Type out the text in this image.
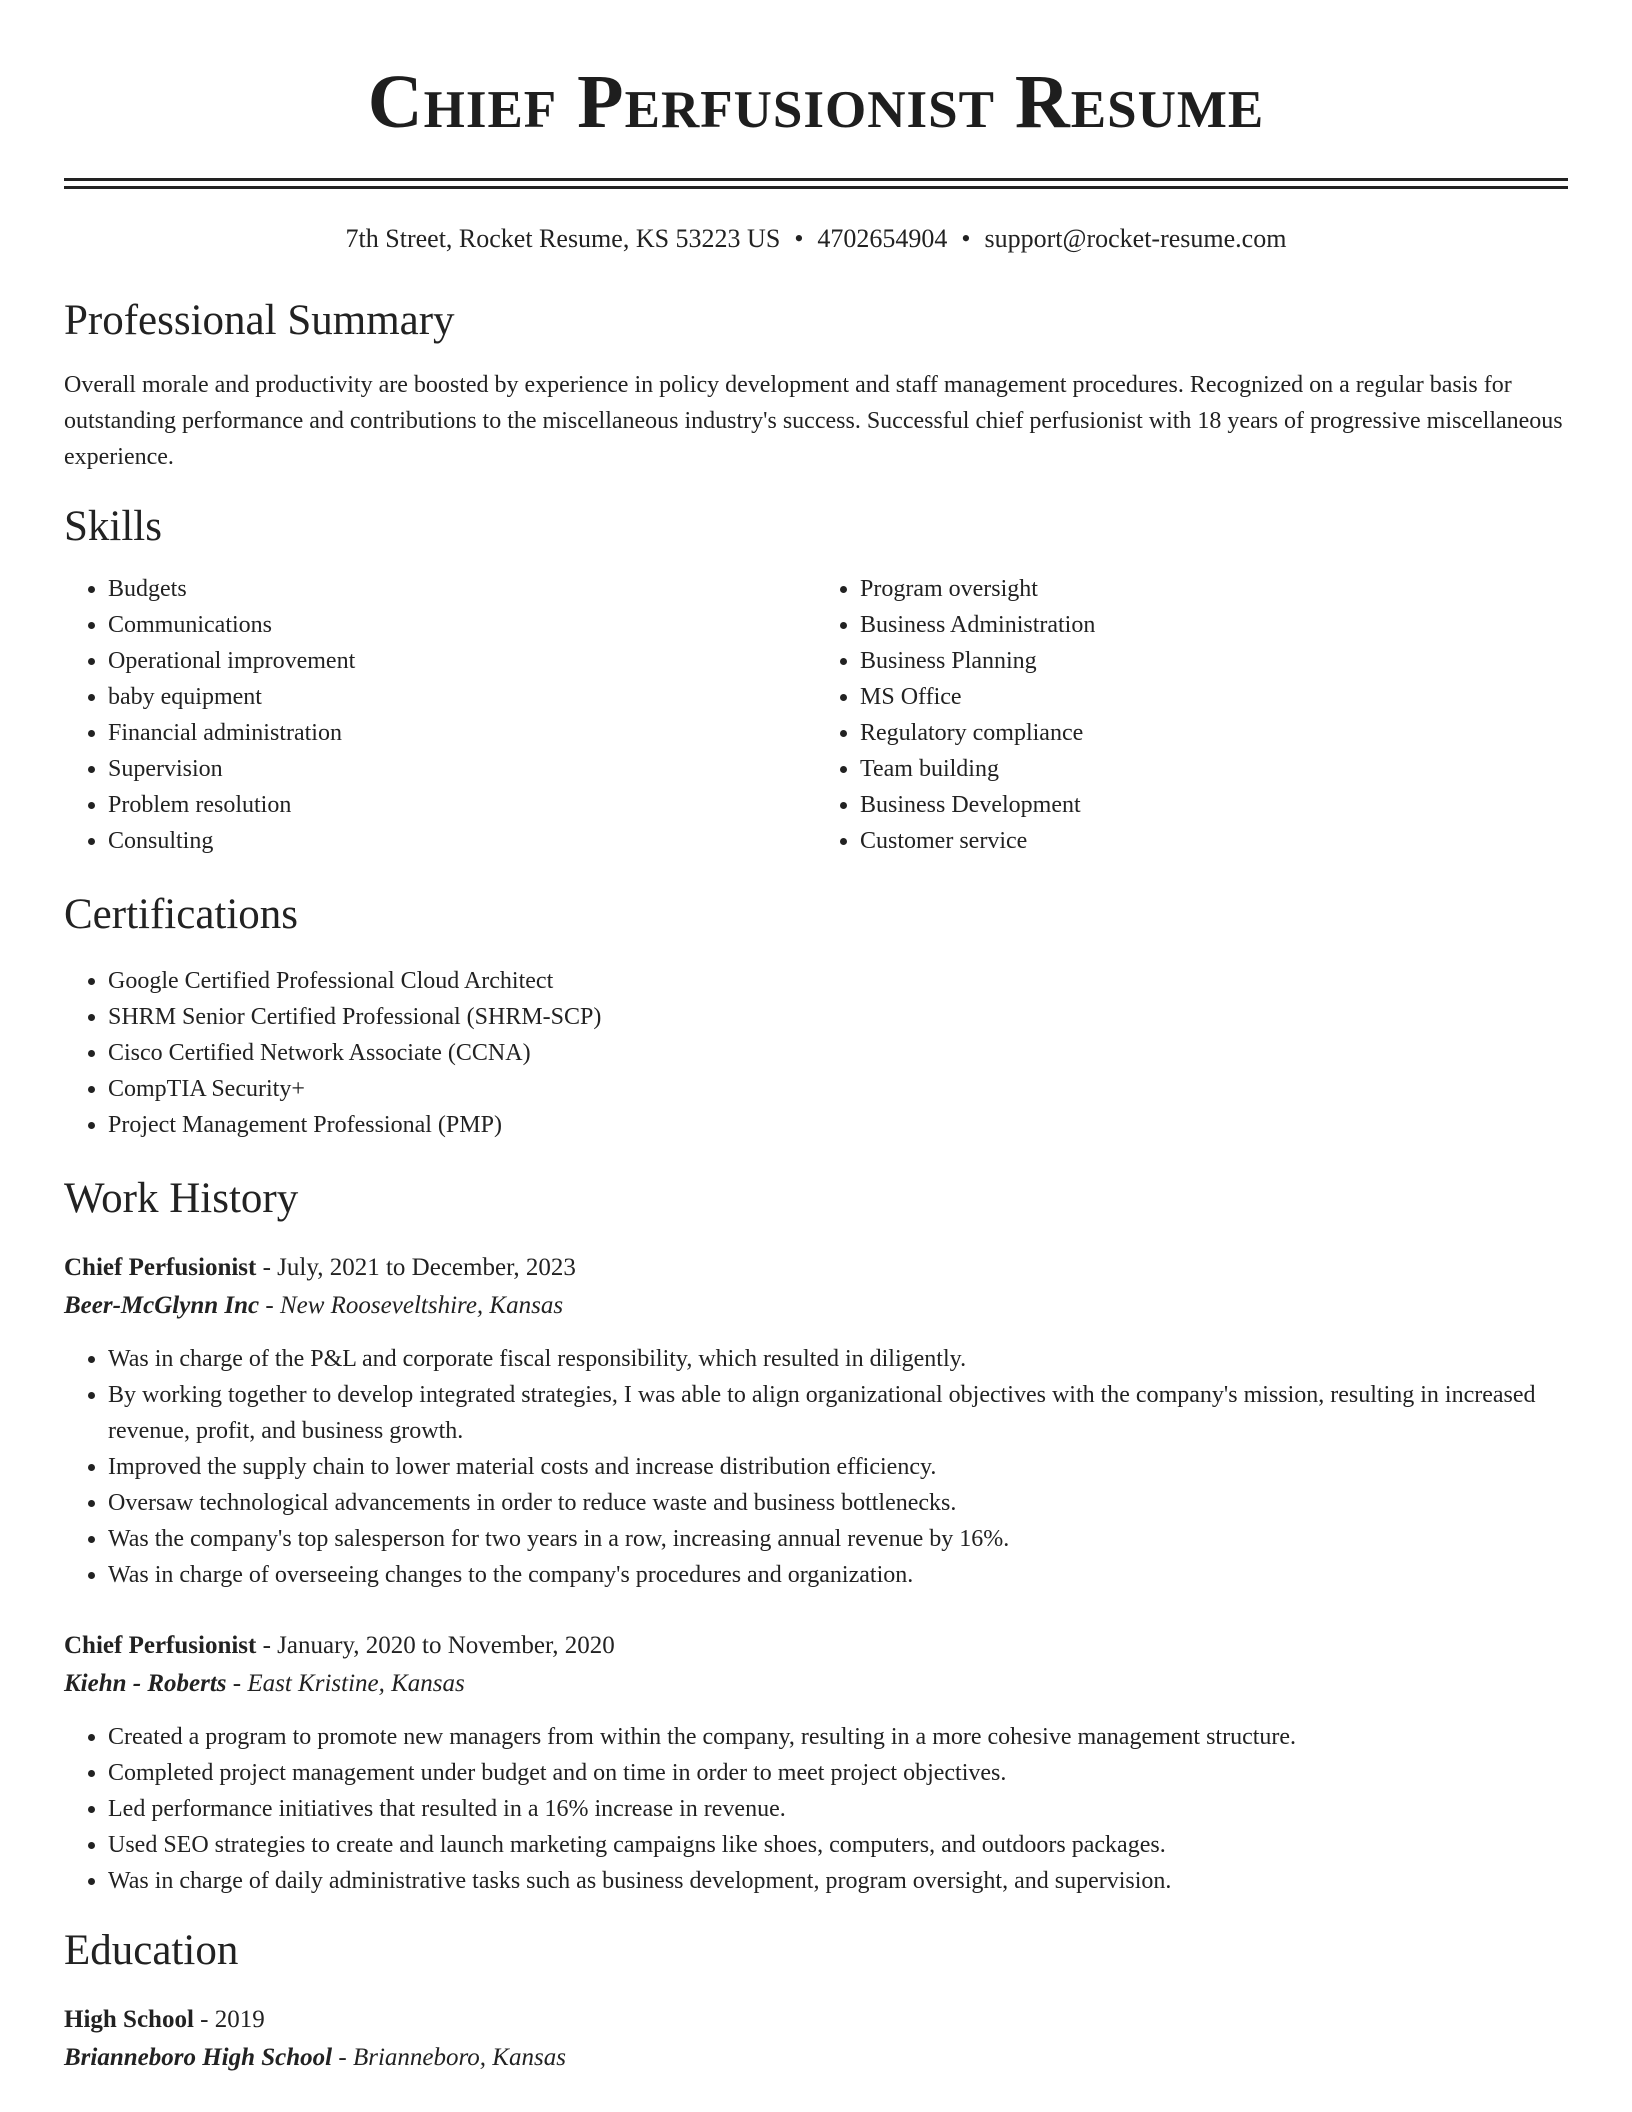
Chief Perfusionist Resume
7th Street, Rocket Resume, KS 53223 US • 4702654904 • support@rocket-resume.com
Professional Summary

Overall morale and productivity are boosted by experience in policy development and staff management procedures. Recognized on a regular basis for outstanding performance and contributions to the miscellaneous industry's success. Successful chief perfusionist with 18 years of progressive miscellaneous experience.

Skills
• Budgets
• Communications
• Operational improvement
• baby equipment
• Financial administration
• Supervision
• Problem resolution
• Consulting
• Program oversight
• Business Administration
• Business Planning
• MS Office
• Regulatory compliance
• Team building
• Business Development
• Customer service
Certifications
• Google Certified Professional Cloud Architect
• SHRM Senior Certified Professional (SHRM-SCP)
• Cisco Certified Network Associate (CCNA)
• CompTIA Security+
• Project Management Professional (PMP)
Work History
Chief Perfusionist - July, 2021 to December, 2023
Beer-McGlynn Inc - New Rooseveltshire, Kansas
• Was in charge of the P&L and corporate fiscal responsibility, which resulted in diligently.
• By working together to develop integrated strategies, I was able to align organizational objectives with the company's mission, resulting in increased revenue, profit, and business growth.
• Improved the supply chain to lower material costs and increase distribution efficiency.
• Oversaw technological advancements in order to reduce waste and business bottlenecks.
• Was the company's top salesperson for two years in a row, increasing annual revenue by 16%.
• Was in charge of overseeing changes to the company's procedures and organization.
Chief Perfusionist - January, 2020 to November, 2020
Kiehn - Roberts - East Kristine, Kansas
• Created a program to promote new managers from within the company, resulting in a more cohesive management structure.
• Completed project management under budget and on time in order to meet project objectives.
• Led performance initiatives that resulted in a 16% increase in revenue.
• Used SEO strategies to create and launch marketing campaigns like shoes, computers, and outdoors packages.
• Was in charge of daily administrative tasks such as business development, program oversight, and supervision.
Education
High School - 2019
Brianneboro High School - Brianneboro, Kansas
